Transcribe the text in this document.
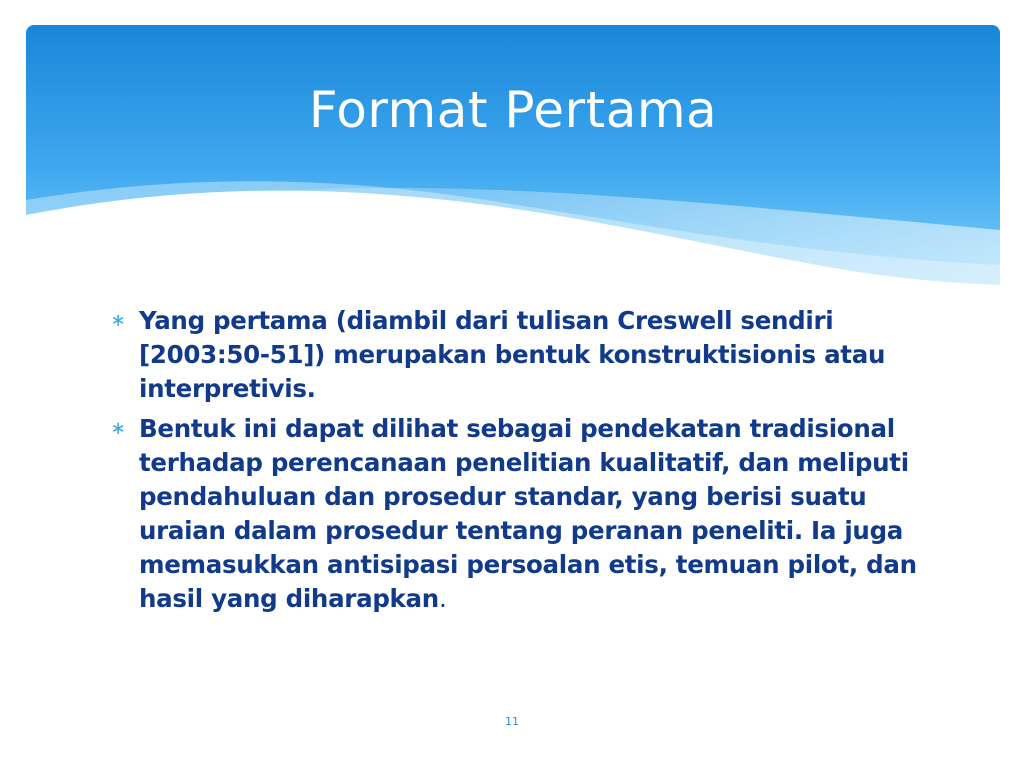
Format Pertama
∗ Yang pertama (diambil dari tulisan Creswell sendiri [2003:50-51]) merupakan bentuk konstruktisionis atau interpretivis.
∗ Bentuk ini dapat dilihat sebagai pendekatan tradisional terhadap perencanaan penelitian kualitatif, dan meliputi pendahuluan dan prosedur standar, yang berisi suatu uraian dalam prosedur tentang peranan peneliti. Ia juga memasukkan antisipasi persoalan etis, temuan pilot, dan hasil yang diharapkan.
11
